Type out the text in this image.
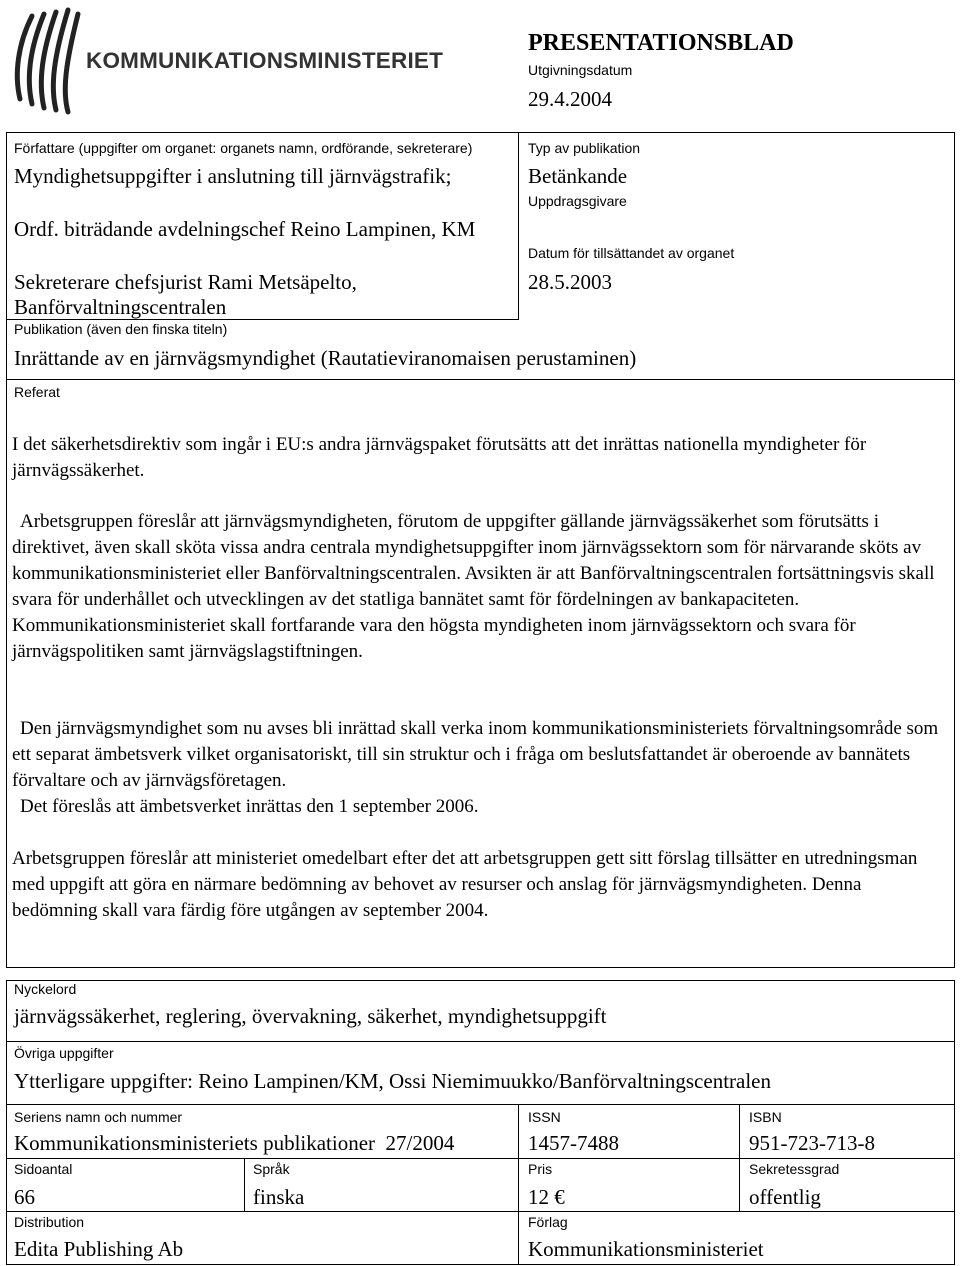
KOMMUNIKATIONSMINISTERIET
PRESENTATIONSBLAD
Utgivningsdatum
29.4.2004
Författare (uppgifter om organet: organets namn, ordförande, sekreterare)
Myndighetsuppgifter i anslutning till järnvägstrafik;
Ordf. biträdande avdelningschef Reino Lampinen, KM
Sekreterare chefsjurist Rami Metsäpelto,
Banförvaltningscentralen
Typ av publikation
Betänkande
Uppdragsgivare
Datum för tillsättandet av organet
28.5.2003
Publikation (även den finska titeln)
Inrättande av en järnvägsmyndighet (Rautatieviranomaisen perustaminen)
Referat

I det säkerhetsdirektiv som ingår i EU:s andra järnvägspaket förutsätts att det inrättas nationella myndigheter för järnvägssäkerhet.

Arbetsgruppen föreslår att järnvägsmyndigheten, förutom de uppgifter gällande järnvägssäkerhet som förutsätts i direktivet, även skall sköta vissa andra centrala myndighetsuppgifter inom järnvägssektorn som för närvarande sköts av kommunikationsministeriet eller Banförvaltningscentralen. Avsikten är att Banförvaltningscentralen fortsättningsvis skall svara för underhållet och utvecklingen av det statliga bannätet samt för fördelningen av bankapaciteten. Kommunikationsministeriet skall fortfarande vara den högsta myndigheten inom järnvägssektorn och svara för järnvägspolitiken samt järnvägslagstiftningen.

Den järnvägsmyndighet som nu avses bli inrättad skall verka inom kommunikationsministeriets förvaltningsområde som ett separat ämbetsverk vilket organisatoriskt, till sin struktur och i fråga om beslutsfattandet är oberoende av bannätets förvaltare och av järnvägsföretagen.

Det föreslås att ämbetsverket inrättas den 1 september 2006.

Arbetsgruppen föreslår att ministeriet omedelbart efter det att arbetsgruppen gett sitt förslag tillsätter en utredningsman med uppgift att göra en närmare bedömning av behovet av resurser och anslag för järnvägsmyndigheten. Denna bedömning skall vara färdig före utgången av september 2004.

Nyckelord
järnvägssäkerhet, reglering, övervakning, säkerhet, myndighetsuppgift
Övriga uppgifter
Ytterligare uppgifter: Reino Lampinen/KM, Ossi Niemimuukko/Banförvaltningscentralen
Seriens namn och nummer
Kommunikationsministeriets publikationer  27/2004
ISSN
1457-7488
ISBN
951-723-713-8
Sidoantal
66
Språk
finska
Pris
12 €
Sekretessgrad
offentlig
Distribution
Edita Publishing Ab
Förlag
Kommunikationsministeriet
